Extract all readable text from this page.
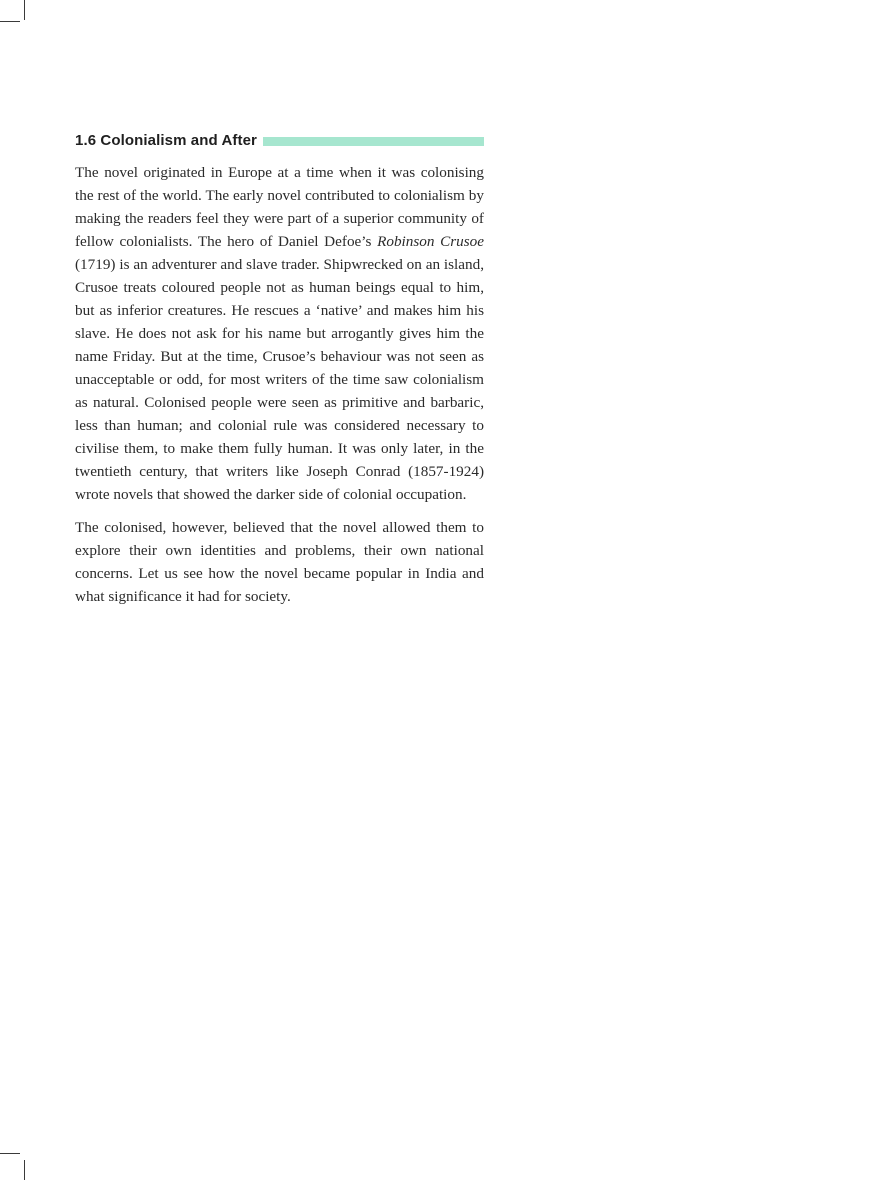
1.6 Colonialism and After

The novel originated in Europe at a time when it was colonising the rest of the world. The early novel contributed to colonialism by making the readers feel they were part of a superior community of fellow colonialists. The hero of Daniel Defoe’s Robinson Crusoe (1719) is an adventurer and slave trader. Shipwrecked on an island, Crusoe treats coloured people not as human beings equal to him, but as inferior creatures. He rescues a ‘native’ and makes him his slave. He does not ask for his name but arrogantly gives him the name Friday. But at the time, Crusoe’s behaviour was not seen as unacceptable or odd, for most writers of the time saw colonialism as natural. Colonised people were seen as primitive and barbaric, less than human; and colonial rule was considered necessary to civilise them, to make them fully human. It was only later, in the twentieth century, that writers like Joseph Conrad (1857-1924) wrote novels that showed the darker side of colonial occupation.

The colonised, however, believed that the novel allowed them to explore their own identities and problems, their own national concerns. Let us see how the novel became popular in India and what significance it had for society.
